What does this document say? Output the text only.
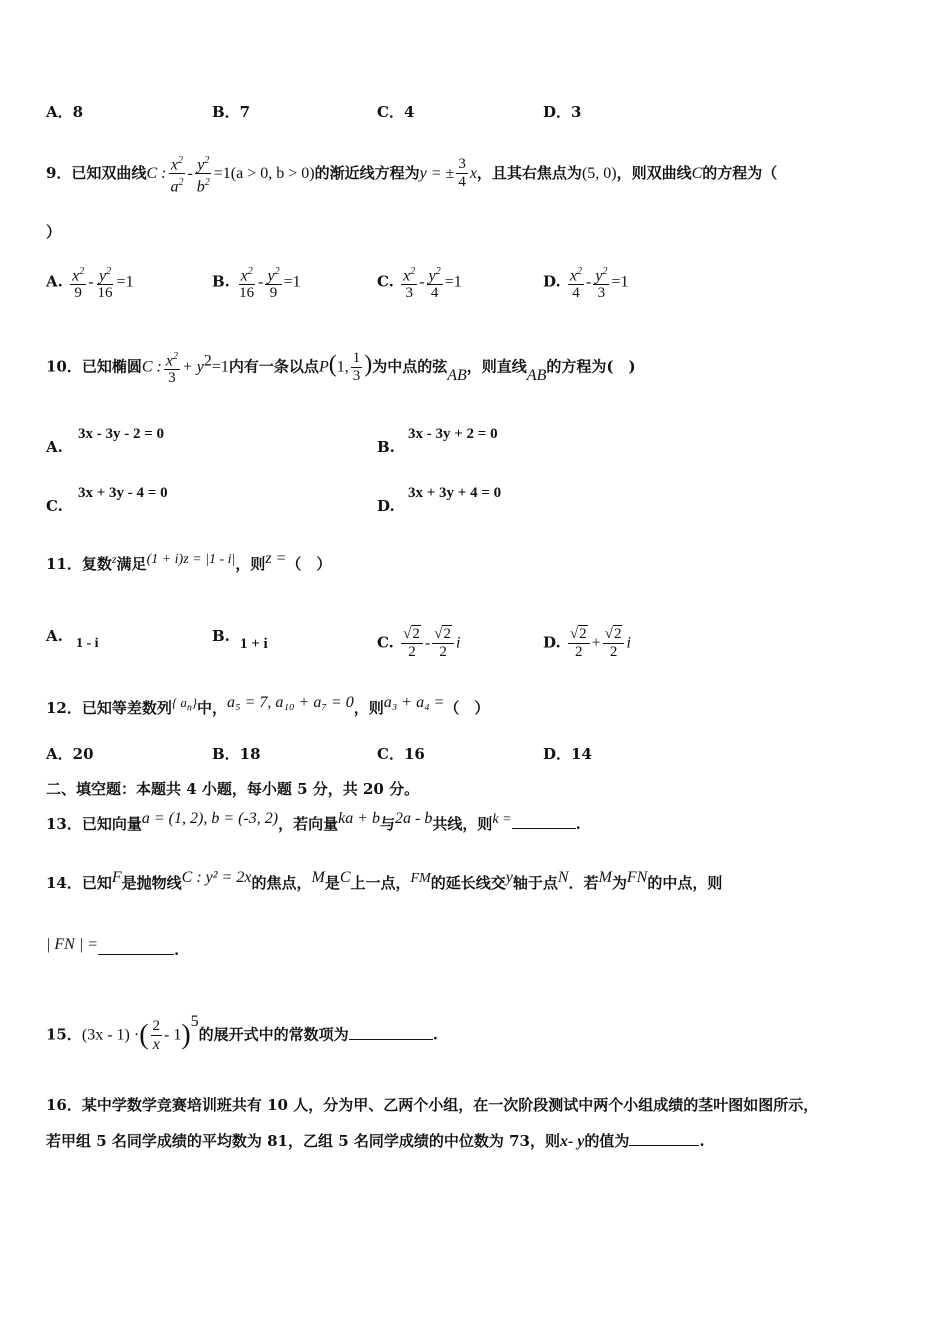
A．8	B．7	C．4	D．3
9．已知双曲线C : $\frac{x^2}{a^2} - \frac{y^2}{b^2} =1(a > 0$, b > 0)的渐近线方程为y = ± $\frac{3}{4}$ x，且其右焦点为(5, 0)，则双曲线C的方程为（
）
A. $\frac{x^2}{9} - \frac{y^2}{16} =1$	B. $\frac{x^2}{16} - \frac{y^2}{9} =1$	C. $\frac{x^2}{3} - \frac{y^2}{4} =1$	D. $\frac{x^2}{4} - \frac{y^2}{3} =1$
10．已知椭圆C : $\frac{x^2}{3} + y^2=1$内有一条以点P(1, $\frac{1}{3}$ )为中点的弦AB，则直线AB的方程为(　)
A.
3x - 3y - 2 = 0
B.
3x - 3y + 2 = 0
C.
3x + 3y - 4 = 0
D.
3x + 3y + 4 = 0
11．复数$^z$满足(1 + i)z = |1 - i|，则z =（　）
A. 1 - i	B. 1 + i	C. $\frac{√2}{2} - \frac{√2}{2}$ i	D. $\frac{√2}{2} + \frac{√2}{2}$ i
12．已知等差数列{ $a_n$}中，a₅ = 7, a₁₀ + a₇ = 0，则a₃ + a₄ =（　）
A．20	B．18	C．16	D．14
二、填空题：本题共 4 小题，每小题 5 分，共 20 分。
13．已知向量a = (1, 2), b = (-3, 2)，若向量ka + b与2a - b共线，则k =	.
14．已知F是抛物线C : y² = 2x的焦点，M是C上一点，FM的延长线交y轴于点N．若M为FN的中点，则
| FN | =	.
15．(3x - 1) ·( $\frac{2}{x} - 1)^5$的展开式中的常数项为	.
16．某中学数学竞赛培训班共有 10 人，分为甲、乙两个小组，在一次阶段测试中两个小组成绩的茎叶图如图所示，
若甲组 5 名同学成绩的平均数为 81，乙组 5 名同学成绩的中位数为 73，则x- y的值为	.
